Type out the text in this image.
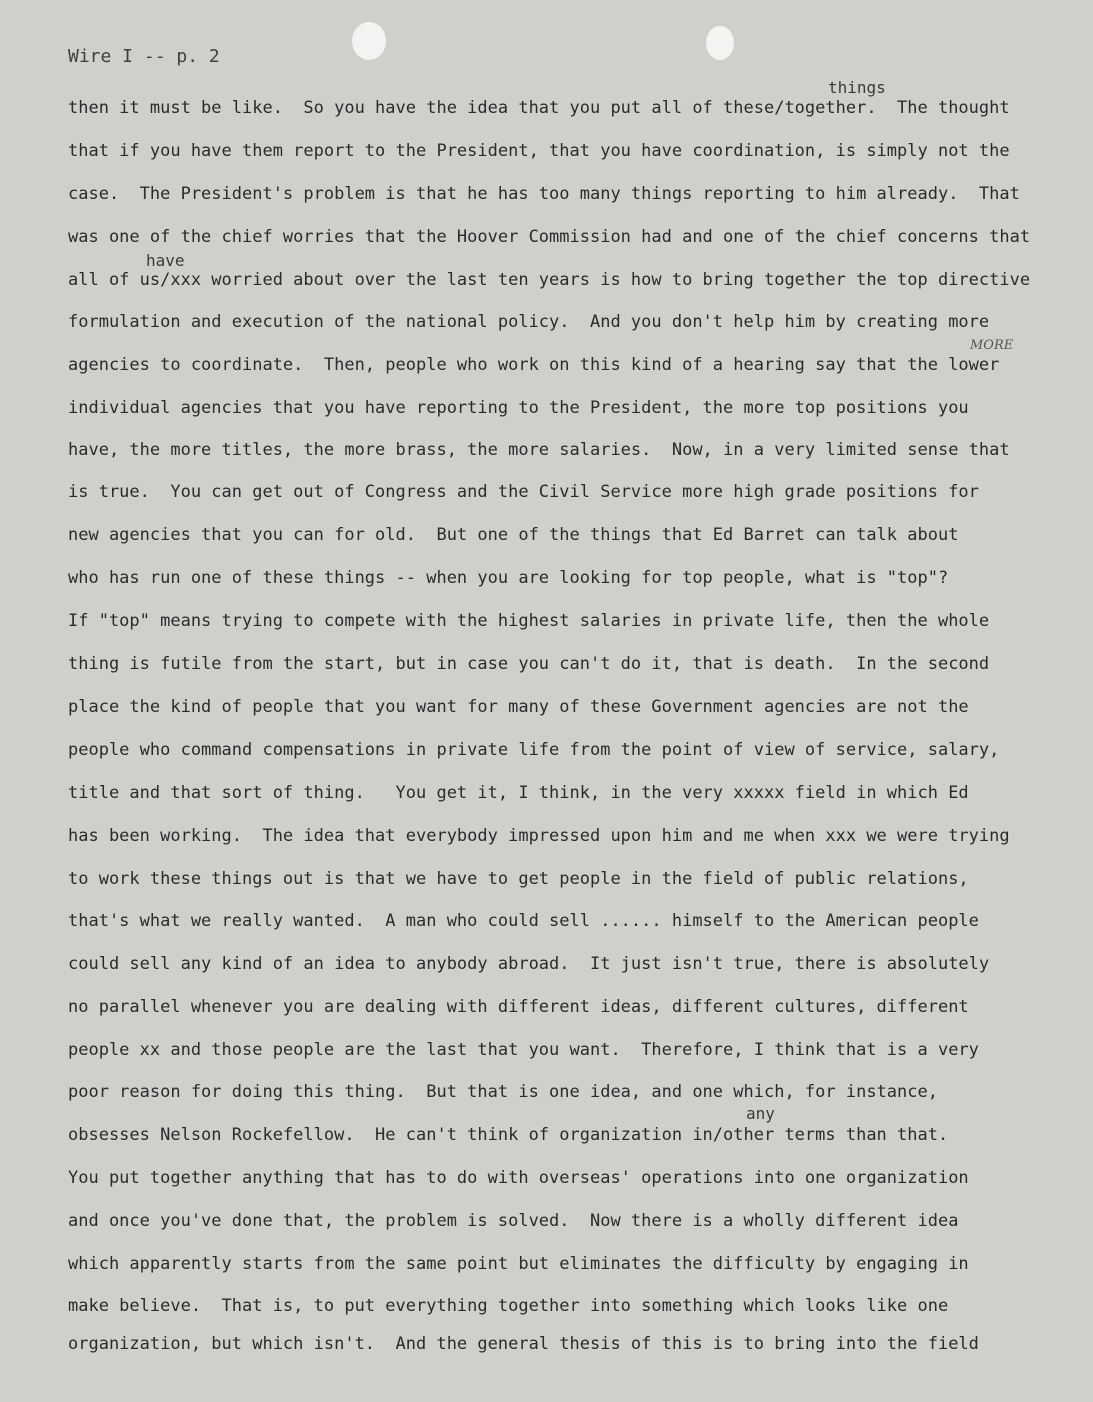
Wire I -- p. 2
things
have
MORE
any
then it must be like.  So you have the idea that you put all of these/together.  The thought
that if you have them report to the President, that you have coordination, is simply not the
case.  The President's problem is that he has too many things reporting to him already.  That
was one of the chief worries that the Hoover Commission had and one of the chief concerns that
all of us/xxx worried about over the last ten years is how to bring together the top directive
formulation and execution of the national policy.  And you don't help him by creating more
agencies to coordinate.  Then, people who work on this kind of a hearing say that the lower
individual agencies that you have reporting to the President, the more top positions you
have, the more titles, the more brass, the more salaries.  Now, in a very limited sense that
is true.  You can get out of Congress and the Civil Service more high grade positions for
new agencies that you can for old.  But one of the things that Ed Barret can talk about
who has run one of these things -- when you are looking for top people, what is "top"?
If "top" means trying to compete with the highest salaries in private life, then the whole
thing is futile from the start, but in case you can't do it, that is death.  In the second
place the kind of people that you want for many of these Government agencies are not the
people who command compensations in private life from the point of view of service, salary,
title and that sort of thing.   You get it, I think, in the very xxxxx field in which Ed
has been working.  The idea that everybody impressed upon him and me when xxx we were trying
to work these things out is that we have to get people in the field of public relations,
that's what we really wanted.  A man who could sell ...... himself to the American people
could sell any kind of an idea to anybody abroad.  It just isn't true, there is absolutely
no parallel whenever you are dealing with different ideas, different cultures, different
people xx and those people are the last that you want.  Therefore, I think that is a very
poor reason for doing this thing.  But that is one idea, and one which, for instance,
obsesses Nelson Rockefellow.  He can't think of organization in/other terms than that.
You put together anything that has to do with overseas' operations into one organization
and once you've done that, the problem is solved.  Now there is a wholly different idea
which apparently starts from the same point but eliminates the difficulty by engaging in
make believe.  That is, to put everything together into something which looks like one
organization, but which isn't.  And the general thesis of this is to bring into the field
